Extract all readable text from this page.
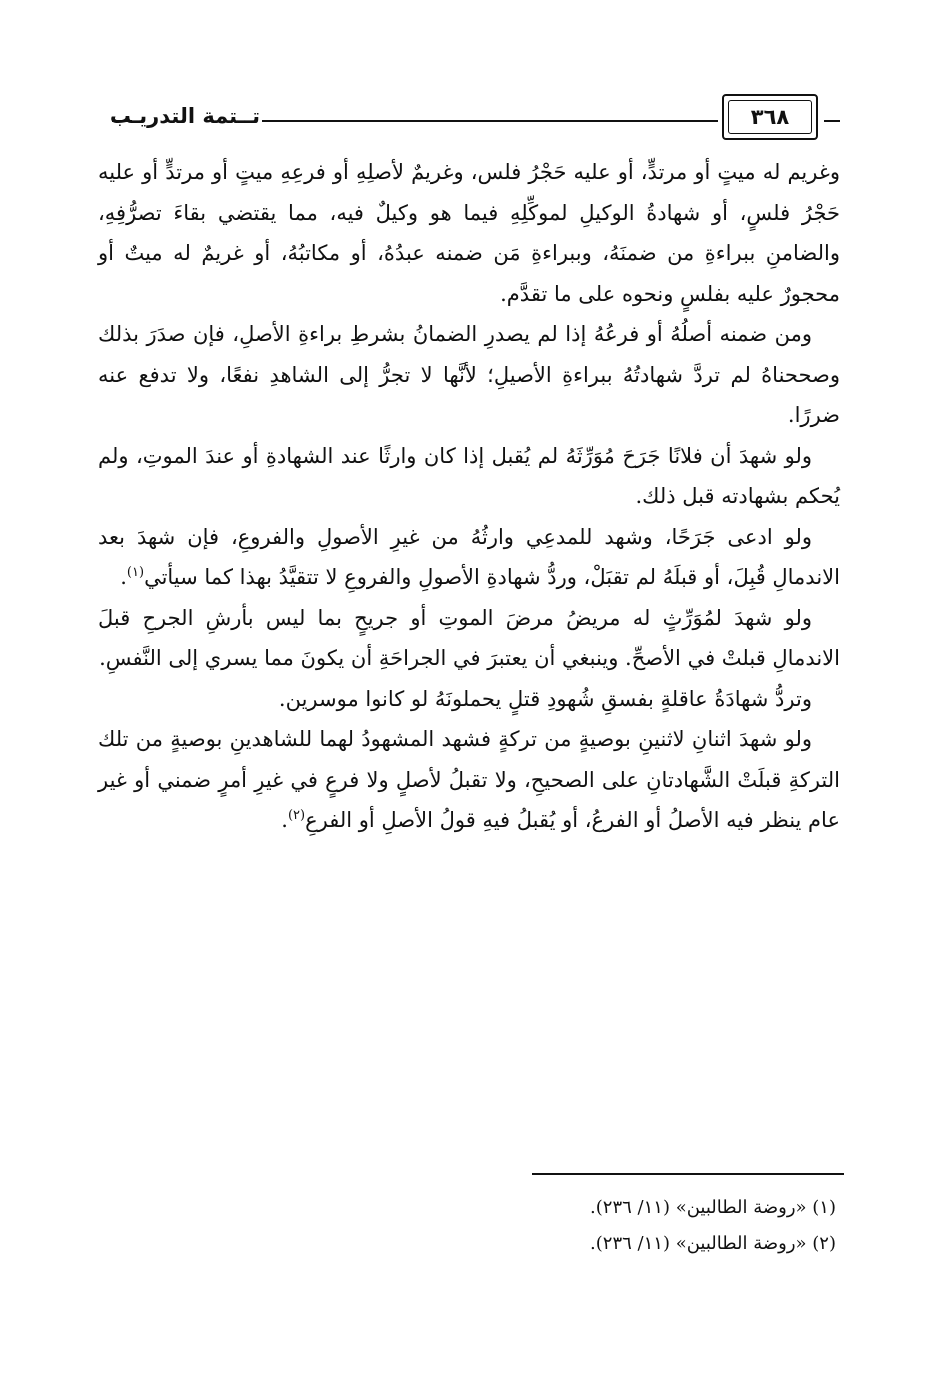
تــتمة التدريـب	٣٦٨

وغريم له ميتٍ أو مرتدٍّ، أو عليه حَجْرُ فلس، وغريمٌ لأصلِهِ أو فرعِهِ ميتٍ أو مرتدٍّ أو عليه حَجْرُ فلسٍ، أو شهادةُ الوكيلِ لموكِّلِهِ فيما هو وكيلٌ فيه، مما يقتضي بقاءَ تصرُّفِهِ، والضامنِ ببراءةِ من ضمنَهُ، وببراءةِ مَن ضمنه عبدُهُ، أو مكاتبُهُ، أو غريمٌ له ميتٌ أو محجورٌ عليه بفلسٍ ونحوه على ما تقدَّم.

ومن ضمنه أصلُهُ أو فرعُهُ إذا لم يصدرِ الضمانُ بشرطِ براءةِ الأصلِ، فإن صدَرَ بذلك وصححناهُ لم تردَّ شهادتُهُ ببراءةِ الأصيلِ؛ لأنَّها لا تجرُّ إلى الشاهدِ نفعًا، ولا تدفع عنه ضررًا.

ولو شهدَ أن فلانًا جَرَحَ مُوَرِّثَهُ لم يُقبل إذا كان وارثًا عند الشهادةِ أو عندَ الموتِ، ولم يُحكم بشهادته قبل ذلك.

ولو ادعى جَرَحًا، وشهد للمدعِي وارثُهُ من غيرِ الأصولِ والفروعِ، فإن شهدَ بعد الاندمالِ قُبِلَ، أو قبلَهُ لم تقبَلْ، وردُّ شهادةِ الأصولِ والفروعِ لا تتقيَّدُ بهذا كما سيأتي$^{(١)}$.

ولو شهدَ لمُوَرِّثٍ له مريضُ مرضَ الموتِ أو جريحٍ بما ليس بأرشِ الجرحِ قبلَ الاندمالِ قبلتْ في الأصحِّ. وينبغي أن يعتبرَ في الجراحَةِ أن يكونَ مما يسري إلى النَّفسِ.

وتردُّ شهادَةُ عاقلةٍ بفسقِ شُهودِ قتلٍ يحملونَهُ لو كانوا موسرين.

ولو شهدَ اثنانِ لاثنينِ بوصيةٍ من تركةٍ فشهد المشهودُ لهما للشاهدينِ بوصيةٍ من تلك التركةِ قبلَتْ الشَّهادتانِ على الصحيحِ، ولا تقبلُ لأصلٍ ولا فرعٍ في غيرِ أمرٍ ضمني أو غير عام ينظر فيه الأصلُ أو الفرعُ، أو يُقبلُ فيهِ قولُ الأصلِ أو الفرعِ$^{(٢)}$.

(١) «روضة الطالبين» (١١/ ٢٣٦).

(٢) «روضة الطالبين» (١١/ ٢٣٦).
